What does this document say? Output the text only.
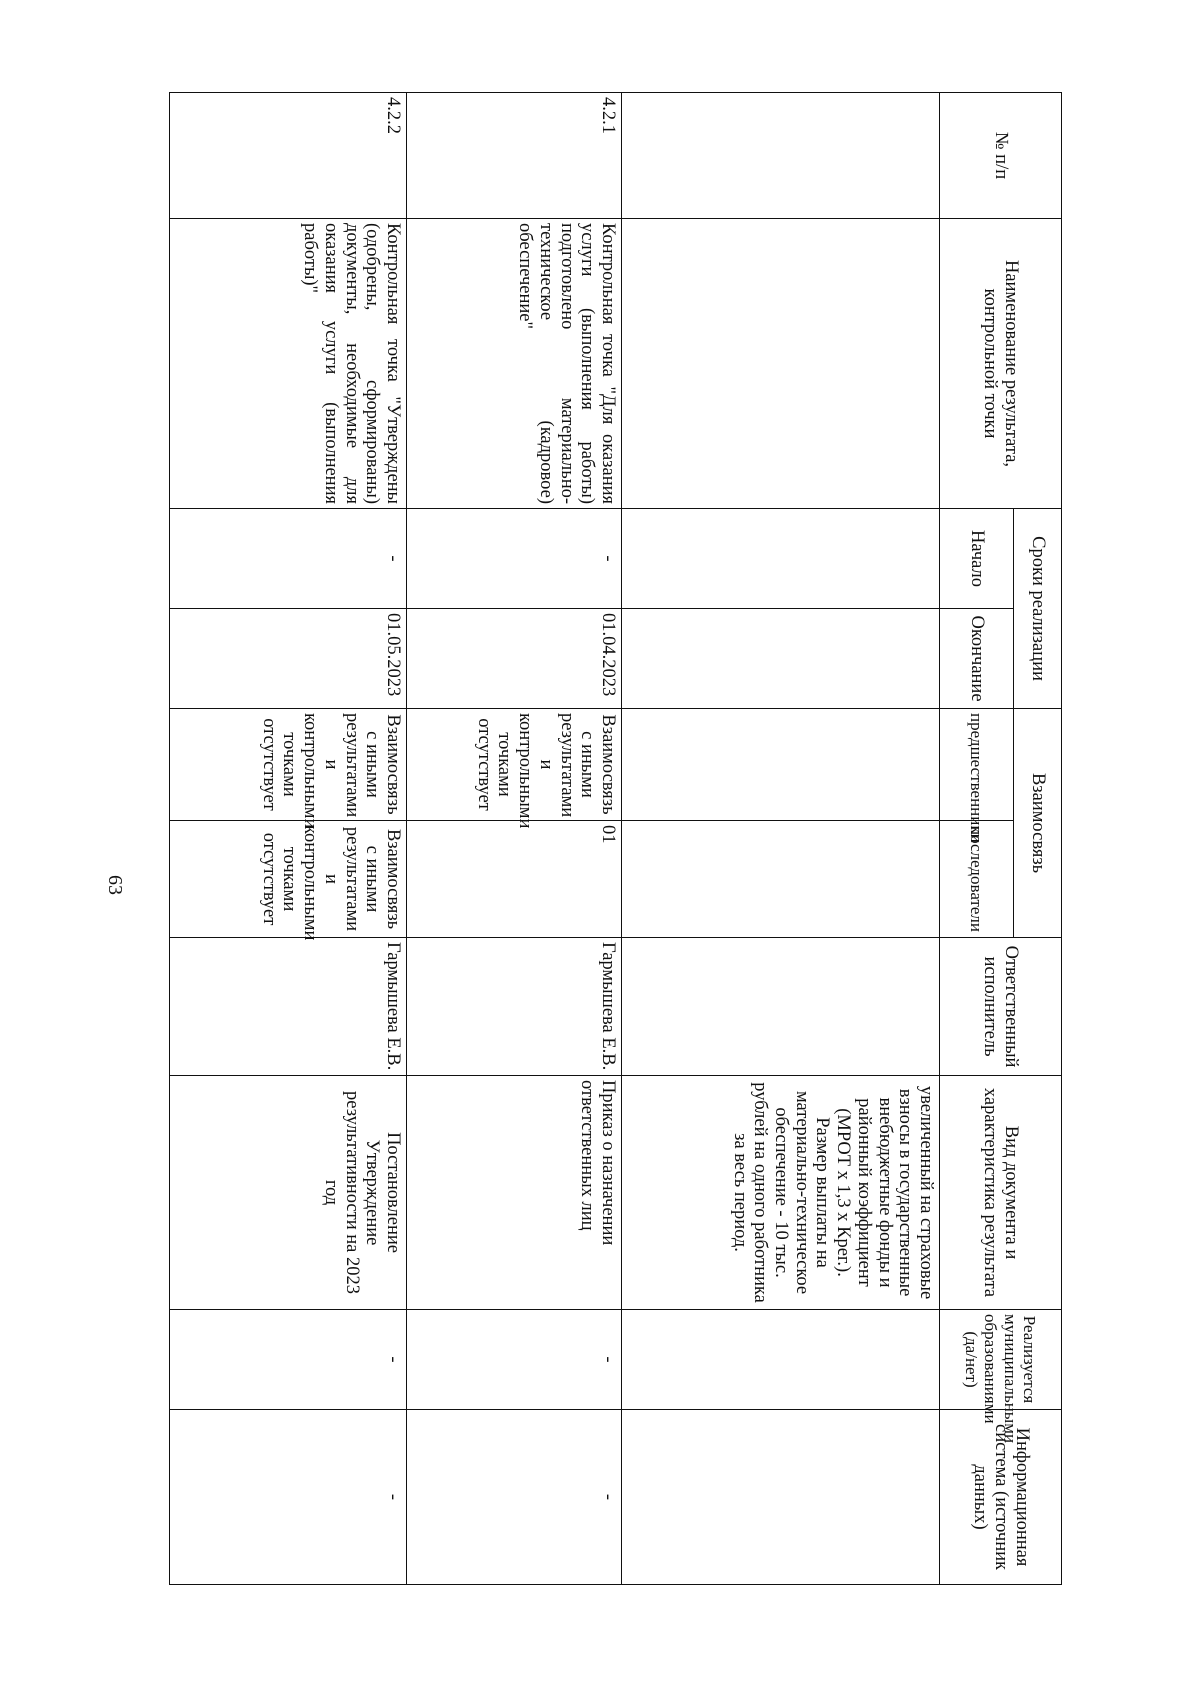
63
№ п/п	Наименование результата, контрольной точки	Сроки реализации		Взаимосвязь		Ответственный исполнитель	Вид документа и характеристика результата	Реализуется муниципальными образованиями (да/нет)	Информационная система (источник данных)
		Начало	Окончание	предшественники	последователи				
							увеличенный на страховые взносы в государственные внебюджетные фонды и районный коэффициент (МРОТ х 1,3 х Крег.). Размер выплаты на материально-техническое обеспечение - 10 тыс. рублей на одного работника за весь период.		
4.2.1	Контрольная точка "Для оказания услуги (выполнения работы) подготовлено материально-техническое (кадровое) обеспечение"	-	01.04.2023	Взаимосвязь с иными результатами и контрольными точками отсутствует	01	Гармышева Е.В.	Приказ о назначении ответственных лиц	-	-
4.2.2	Контрольная точка "Утверждены (одобрены, сформированы) документы, необходимые для оказания услуги (выполнения работы)"	-	01.05.2023	Взаимосвязь с иными результатами и контрольными точками отсутствует	Взаимосвязь с иными результатами и контрольными точками отсутствует	Гармышева Е.В.	Постановление Утверждение результативности на 2023 год	-	-
